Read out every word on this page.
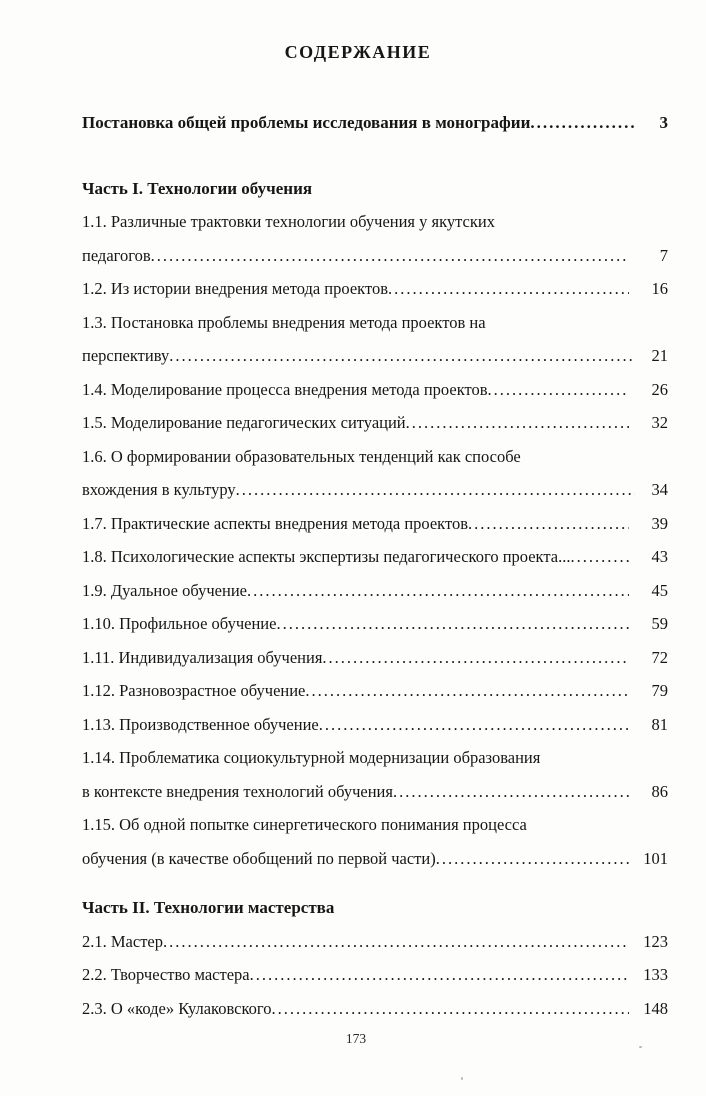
СОДЕРЖАНИЕ
Постановка общей проблемы исследования в монографии .....	3
Часть I. Технологии обучения
1.1. Различные трактовки технологии обучения у якутских
педагогов .....	7
1.2. Из истории внедрения метода проектов .....	16
1.3. Постановка проблемы внедрения метода проектов на
перспективу .....	21
1.4. Моделирование процесса внедрения метода проектов .....	26
1.5. Моделирование педагогических ситуаций .....	32
1.6. О формировании образовательных тенденций как способе
вхождения в культуру .....	34
1.7. Практические аспекты внедрения метода проектов .....	39
1.8. Психологические аспекты экспертизы педагогического проекта... .....	43
1.9. Дуальное обучение .....	45
1.10. Профильное обучение .....	59
1.11. Индивидуализация обучения .....	72
1.12. Разновозрастное обучение .....	79
1.13. Производственное обучение .....	81
1.14. Проблематика социокультурной модернизации образования
в контексте внедрения технологий обучения .....	86
1.15. Об одной попытке синергетического понимания процесса
обучения (в качестве обобщений по первой части) .....	101
Часть II. Технологии мастерства
2.1. Мастер .....	123
2.2. Творчество мастера .....	133
2.3. О «коде» Кулаковского .....	148
173
